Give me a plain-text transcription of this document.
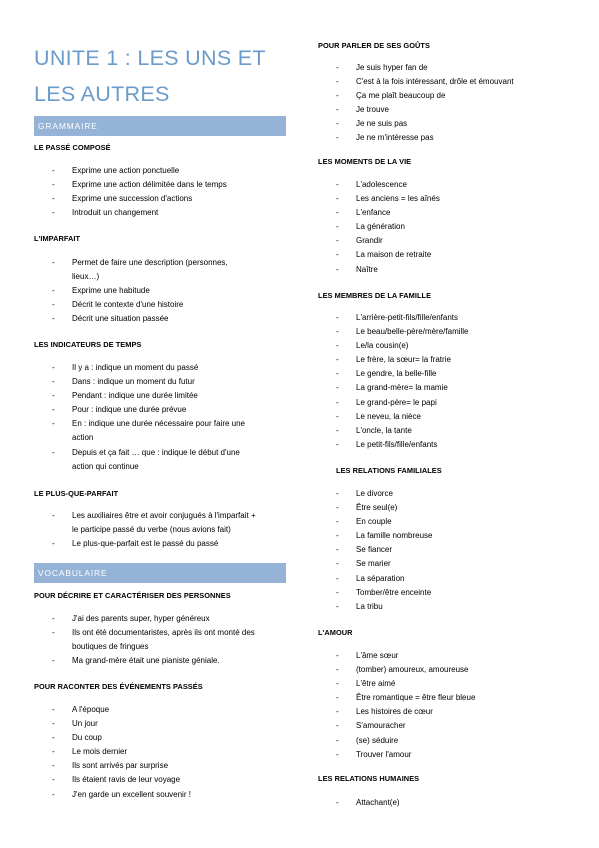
UNITE 1 : LES UNS ET LES AUTRES
GRAMMAIRE
LE PASSÉ COMPOSÉ
- Exprime une action ponctuelle
- Exprime une action délimitée dans le temps
- Exprime une succession d'actions
- Introduit un changement
L'IMPARFAIT
- Permet de faire une description (personnes, lieux…)
- Exprime une habitude
- Décrit le contexte d'une histoire
- Décrit une situation passée
LES INDICATEURS DE TEMPS
- Il y a : indique un moment du passé
- Dans : indique un moment du futur
- Pendant : indique une durée limitée
- Pour : indique une durée prévue
- En : indique une durée nécessaire pour faire une action
- Depuis et ça fait … que : indique le début d'une action qui continue
LE PLUS-QUE-PARFAIT
- Les auxiliaires être et avoir conjugués à l'imparfait + le participe passé du verbe (nous avions fait)
- Le plus-que-parfait est le passé du passé
VOCABULAIRE
POUR DÉCRIRE ET CARACTÉRISER DES PERSONNES
- J'ai des parents super, hyper généreux
- Ils ont été documentaristes, après ils ont monté des boutiques de fringues
- Ma grand-mère était une pianiste géniale.
POUR RACONTER DES ÉVÉNEMENTS PASSÉS
- A l'époque
- Un jour
- Du coup
- Le mois dernier
- Ils sont arrivés par surprise
- Ils étaient ravis de leur voyage
- J'en garde un excellent souvenir !
POUR PARLER DE SES GOÛTS
- Je suis hyper fan de
- C'est à la fois intéressant, drôle et émouvant
- Ça me plaît beaucoup de
- Je trouve
- Je ne suis pas
- Je ne m'intéresse pas
LES MOMENTS DE LA VIE
- L'adolescence
- Les anciens = les aînés
- L'enfance
- La génération
- Grandir
- La maison de retraite
- Naître
LES MEMBRES DE LA FAMILLE
- L'arrière-petit-fils/fille/enfants
- Le beau/belle-père/mère/famille
- Le/la cousin(e)
- Le frère, la sœur= la fratrie
- Le gendre, la belle-fille
- La grand-mère= la mamie
- Le grand-père= le papi
- Le neveu, la nièce
- L'oncle, la tante
- Le petit-fils/fille/enfants
LES RELATIONS FAMILIALES
- Le divorce
- Être seul(e)
- En couple
- La famille nombreuse
- Se fiancer
- Se marier
- La séparation
- Tomber/être enceinte
- La tribu
L'AMOUR
- L'âme sœur
- (tomber) amoureux, amoureuse
- L'être aimé
- Être romantique = être fleur bleue
- Les histoires de cœur
- S'amouracher
- (se) séduire
- Trouver l'amour
LES RELATIONS HUMAINES
- Attachant(e)
